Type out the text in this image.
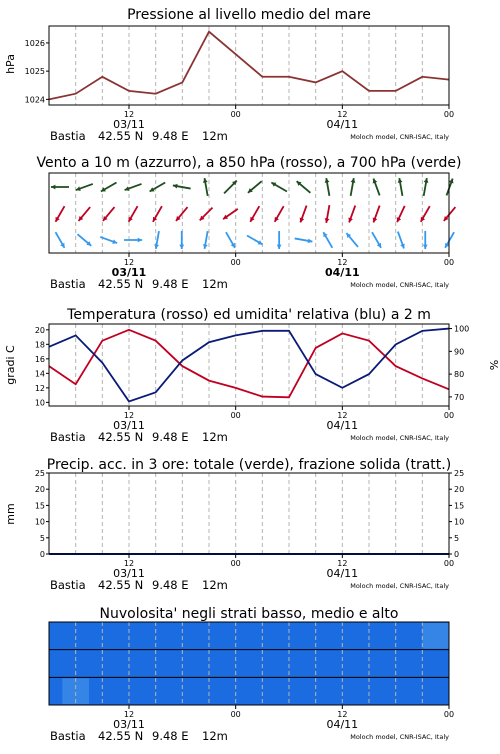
Pressione al livello medio del mare
hPa
1024
1025
1026
12	00	12	00
03/11	04/11
Bastia 42.55 N 9.48 E 12m	Moloch model, CNR-ISAC, Italy
Vento a 10 m (azzurro), a 850 hPa (rosso), a 700 hPa (verde)
12	00	12	00
03/11	04/11
Bastia 42.55 N 9.48 E 12m	Moloch model, CNR-ISAC, Italy
Temperatura (rosso) ed umidita' relativa (blu) a 2 m
gradi C	%
10
12
14
16
18
20
70
80
90
100
12	00	12	00
03/11	04/11
Bastia 42.55 N 9.48 E 12m	Moloch model, CNR-ISAC, Italy
Precip. acc. in 3 ore: totale (verde), frazione solida (tratt.)
mm
0
5
10
15
20
25
0
5
10
15
20
25
12	00	12	00
03/11	04/11
Bastia 42.55 N 9.48 E 12m	Moloch model, CNR-ISAC, Italy
Nuvolosita' negli strati basso, medio e alto
12	00	12	00
03/11	04/11
Bastia 42.55 N 9.48 E 12m	Moloch model, CNR-ISAC, Italy
